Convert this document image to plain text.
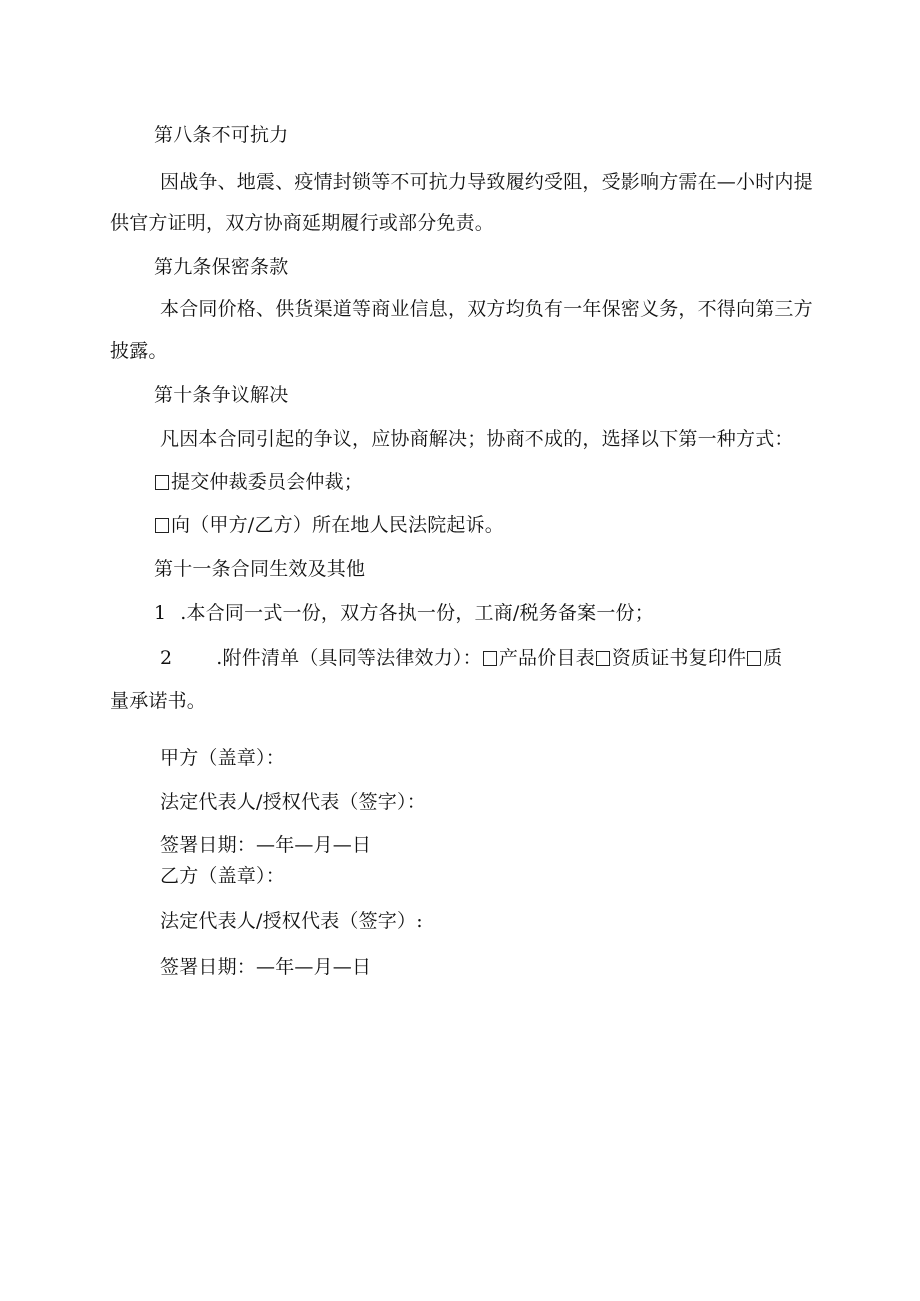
第八条不可抗力

因战争、地震、疫情封锁等不可抗力导致履约受阻，受影响方需在—小时内提

供官方证明，双方协商延期履行或部分免责。

第九条保密条款

本合同价格、供货渠道等商业信息，双方均负有一年保密义务，不得向第三方

披露。

第十条争议解决

凡因本合同引起的争议，应协商解决；协商不成的，选择以下第一种方式：

提交仲裁委员会仲裁；

向（甲方/乙方）所在地人民法院起诉。

第十一条合同生效及其他

1 .本合同一式一份，双方各执一份，工商/税务备案一份；

2 .附件清单（具同等法律效力）： 产品价目表 资质证书复印件 质

量承诺书。

甲方（盖章）：

法定代表人/授权代表（签字）：

签署日期：—年—月—日

乙方（盖章）：

法定代表人/授权代表（签字）:

签署日期：—年—月—日
